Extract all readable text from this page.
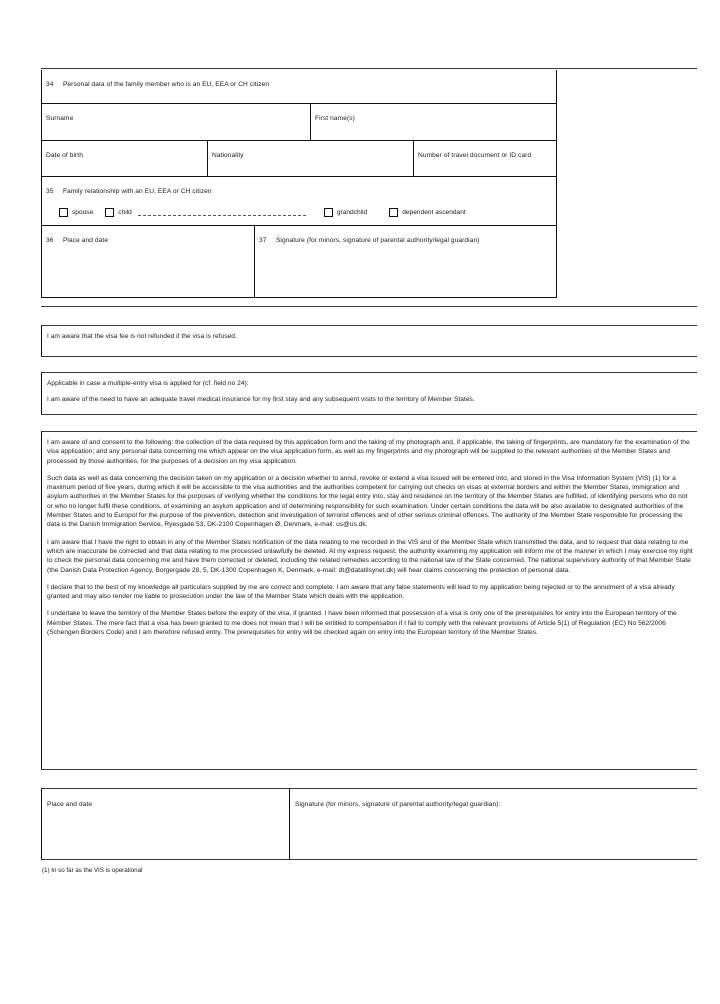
34 Personal data of the family member who is an EU, EEA or CH citizen
Surname	First name(s)
Date of birth	Nationality	Number of travel document or ID card
35 Family relationship with an EU, EEA or CH citizen
spouse	child	grandchild	dependent ascendant
36 Place and date	37 Signature (for minors, signature of parental authority/legal guardian)

I am aware that the visa fee is not refunded if the visa is refused.

Applicable in case a multiple-entry visa is applied for (cf. field no 24):

I am aware of the need to have an adequate travel medical insurance for my first stay and any subsequent visits to the territory of Member States.

I am aware of and consent to the following: the collection of the data required by this application form and the taking of my photograph and, if applicable, the taking of fingerprints, are mandatory for the examination of the visa application; and any personal data concerning me which appear on the visa application form, as well as my fingerprints and my photograph will be supplied to the relevant authorities of the Member States and processed by those authorities, for the purposes of a decision on my visa application.

Such data as well as data concerning the decision taken on my application or a decision whether to annul, revoke or extend a visa issued will be entered into, and stored in the Visa Information System (VIS) (1) for a maximum period of five years, during which it will be accessible to the visa authorities and the authorities competent for carrying out checks on visas at external borders and within the Member States, immigration and asylum authorities in the Member States for the purposes of verifying whether the conditions for the legal entry into, stay and residence on the territory of the Member States are fulfilled, of identifying persons who do not or who no longer fulfil these conditions, of examining an asylum application and of determining responsibility for such examination. Under certain conditions the data will be also available to designated authorities of the Member States and to Europol for the purpose of the prevention, detection and investigation of terrorist offences and of other serious criminal offences. The authority of the Member State responsible for processing the data is the Danish Immigration Service, Ryesgade 53, DK-2100 Copenhagen Ø, Denmark, e-mail: us@us.dk.

I am aware that I have the right to obtain in any of the Member States notification of the data relating to me recorded in the VIS and of the Member State which transmitted the data, and to request that data relating to me which are inaccurate be corrected and that data relating to me processed unlawfully be deleted. At my express request, the authority examining my application will inform me of the manner in which I may exercise my right to check the personal data concerning me and have them corrected or deleted, including the related remedies according to the national law of the State concerned. The national supervisory authority of that Member State (the Danish Data Protection Agency, Borgergade 28, 5, DK-1300 Copenhagen K, Denmark, e-mail: dt@datatilsynet.dk) will hear claims concerning the protection of personal data.

I declare that to the best of my knowledge all particulars supplied by me are correct and complete. I am aware that any false statements will lead to my application being rejected or to the annulment of a visa already granted and may also render me liable to prosecution under the law of the Member State which deals with the application.

I undertake to leave the territory of the Member States before the expiry of the visa, if granted. I have been informed that possession of a visa is only one of the prerequisites for entry into the European territory of the Member States. The mere fact that a visa has been granted to me does not mean that I will be entitled to compensation if I fail to comply with the relevant provisions of Article 5(1) of Regulation (EC) No 562/2006 (Schengen Borders Code) and I am therefore refused entry. The prerequisites for entry will be checked again on entry into the European territory of the Member States.

Place and date	Signature (for minors, signature of parental authority/legal guardian):
(1) In so far as the VIS is operational
